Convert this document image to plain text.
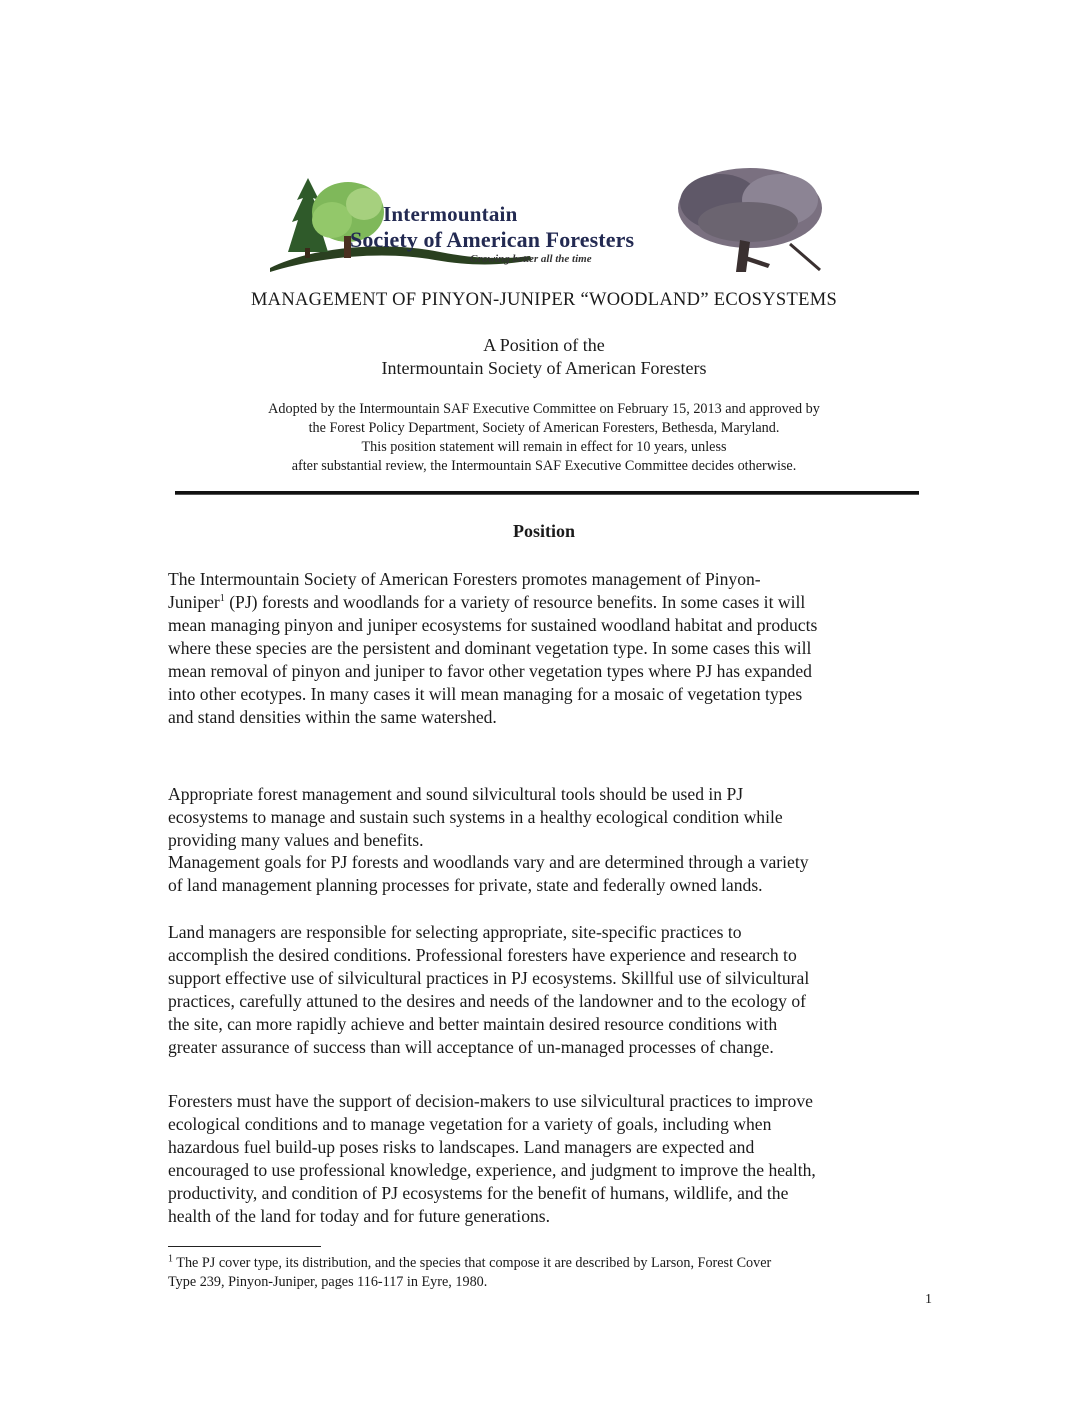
Intermountain
Society of American Foresters
Growing better all the time
MANAGEMENT OF PINYON-JUNIPER “WOODLAND” ECOSYSTEMS
A Position of the
Intermountain Society of American Foresters
Adopted by the Intermountain SAF Executive Committee on February 15, 2013 and approved by
the Forest Policy Department, Society of American Foresters, Bethesda, Maryland.
This position statement will remain in effect for 10 years, unless
after substantial review, the Intermountain SAF Executive Committee decides otherwise.
Position
The Intermountain Society of American Foresters promotes management of Pinyon-
Juniper$^1$ (PJ) forests and woodlands for a variety of resource benefits. In some cases it will
mean managing pinyon and juniper ecosystems for sustained woodland habitat and products
where these species are the persistent and dominant vegetation type. In some cases this will
mean removal of pinyon and juniper to favor other vegetation types where PJ has expanded
into other ecotypes. In many cases it will mean managing for a mosaic of vegetation types
and stand densities within the same watershed.
Appropriate forest management and sound silvicultural tools should be used in PJ
ecosystems to manage and sustain such systems in a healthy ecological condition while
providing many values and benefits.
Management goals for PJ forests and woodlands vary and are determined through a variety
of land management planning processes for private, state and federally owned lands.
Land managers are responsible for selecting appropriate, site-specific practices to
accomplish the desired conditions. Professional foresters have experience and research to
support effective use of silvicultural practices in PJ ecosystems. Skillful use of silvicultural
practices, carefully attuned to the desires and needs of the landowner and to the ecology of
the site, can more rapidly achieve and better maintain desired resource conditions with
greater assurance of success than will acceptance of un-managed processes of change.
Foresters must have the support of decision-makers to use silvicultural practices to improve
ecological conditions and to manage vegetation for a variety of goals, including when
hazardous fuel build-up poses risks to landscapes. Land managers are expected and
encouraged to use professional knowledge, experience, and judgment to improve the health,
productivity, and condition of PJ ecosystems for the benefit of humans, wildlife, and the
health of the land for today and for future generations.
$^1$ The PJ cover type, its distribution, and the species that compose it are described by Larson, Forest Cover
Type 239, Pinyon-Juniper, pages 116-117 in Eyre, 1980.
1
